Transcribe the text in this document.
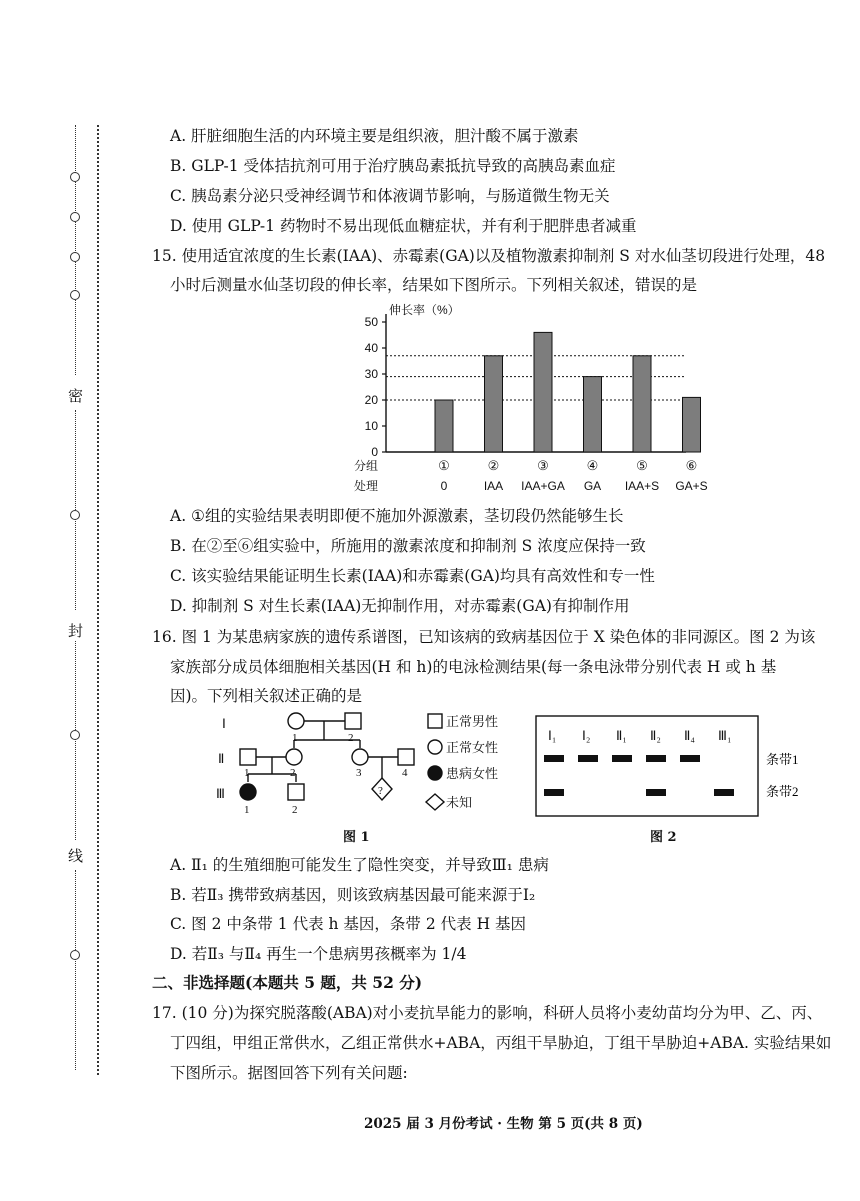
密
封
线
A. 肝脏细胞生活的内环境主要是组织液，胆汁酸不属于激素
B. GLP-1 受体拮抗剂可用于治疗胰岛素抵抗导致的高胰岛素血症
C. 胰岛素分泌只受神经调节和体液调节影响，与肠道微生物无关
D. 使用 GLP-1 药物时不易出现低血糖症状，并有利于肥胖患者减重
15. 使用适宜浓度的生长素(IAA)、赤霉素(GA)以及植物激素抑制剂 S 对水仙茎切段进行处理，48
小时后测量水仙茎切段的伸长率，结果如下图所示。下列相关叙述，错误的是
伸长率（%）
0
10
20
30
40
50
①
0
②
IAA
③
IAA+GA
④
GA
⑤
IAA+S
⑥
GA+S
分组
处理
A. ①组的实验结果表明即便不施加外源激素，茎切段仍然能够生长
B. 在②至⑥组实验中，所施用的激素浓度和抑制剂 S 浓度应保持一致
C. 该实验结果能证明生长素(IAA)和赤霉素(GA)均具有高效性和专一性
D. 抑制剂 S 对生长素(IAA)无抑制作用，对赤霉素(GA)有抑制作用
16. 图 1 为某患病家族的遗传系谱图，已知该病的致病基因位于 X 染色体的非同源区。图 2 为该
家族部分成员体细胞相关基因(H 和 h)的电泳检测结果(每一条电泳带分别代表 H 或 h 基
因)。下列相关叙述正确的是
Ⅰ
Ⅱ
Ⅲ
1	2
1	2	3	4
1	2
?
正常男性
正常女性
患病女性
未知
图 1
Ⅰ₁ Ⅰ₂ Ⅱ₁ Ⅱ₂ Ⅱ₄ Ⅲ₁
条带1
条带2
图 2
A. Ⅱ₁ 的生殖细胞可能发生了隐性突变，并导致Ⅲ₁ 患病
B. 若Ⅱ₃ 携带致病基因，则该致病基因最可能来源于Ⅰ₂
C. 图 2 中条带 1 代表 h 基因，条带 2 代表 H 基因
D. 若Ⅱ₃ 与Ⅱ₄ 再生一个患病男孩概率为 1/4
二、非选择题(本题共 5 题，共 52 分)
17. (10 分)为探究脱落酸(ABA)对小麦抗旱能力的影响，科研人员将小麦幼苗均分为甲、乙、丙、
丁四组，甲组正常供水，乙组正常供水+ABA，丙组干旱胁迫，丁组干旱胁迫+ABA. 实验结果如
下图所示。据图回答下列有关问题:
2025 届 3 月份考试 · 生物 第 5 页(共 8 页)
